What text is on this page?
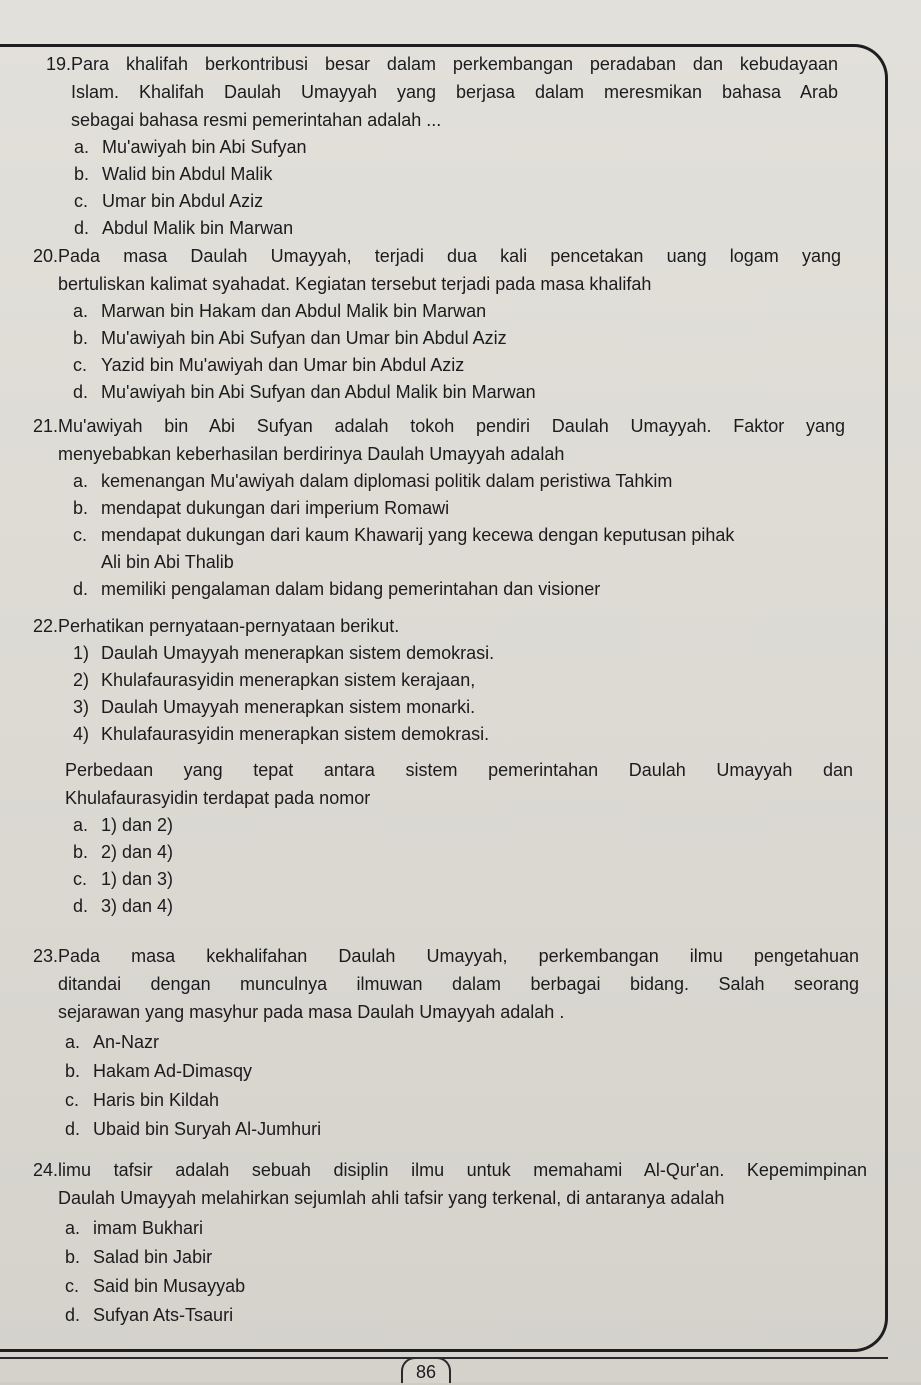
19. Para khalifah berkontribusi besar dalam perkembangan peradaban dan kebudayaan
Islam. Khalifah Daulah Umayyah yang berjasa dalam meresmikan bahasa Arab
sebagai bahasa resmi pemerintahan adalah ...
a. Mu'awiyah bin Abi Sufyan
b. Walid bin Abdul Malik
c. Umar bin Abdul Aziz
d. Abdul Malik bin Marwan
20. Pada masa Daulah Umayyah, terjadi dua kali pencetakan uang logam yang
bertuliskan kalimat syahadat. Kegiatan tersebut terjadi pada masa khalifah
a. Marwan bin Hakam dan Abdul Malik bin Marwan
b. Mu'awiyah bin Abi Sufyan dan Umar bin Abdul Aziz
c. Yazid bin Mu'awiyah dan Umar bin Abdul Aziz
d. Mu'awiyah bin Abi Sufyan dan Abdul Malik bin Marwan
21. Mu'awiyah bin Abi Sufyan adalah tokoh pendiri Daulah Umayyah. Faktor yang
menyebabkan keberhasilan berdirinya Daulah Umayyah adalah
a. kemenangan Mu'awiyah dalam diplomasi politik dalam peristiwa Tahkim
b. mendapat dukungan dari imperium Romawi
c. mendapat dukungan dari kaum Khawarij yang kecewa dengan keputusan pihak
Ali bin Abi Thalib
d. memiliki pengalaman dalam bidang pemerintahan dan visioner
22. Perhatikan pernyataan-pernyataan berikut.
1) Daulah Umayyah menerapkan sistem demokrasi.
2) Khulafaurasyidin menerapkan sistem kerajaan,
3) Daulah Umayyah menerapkan sistem monarki.
4) Khulafaurasyidin menerapkan sistem demokrasi.
Perbedaan yang tepat antara sistem pemerintahan Daulah Umayyah dan
Khulafaurasyidin terdapat pada nomor
a. 1) dan 2)
b. 2) dan 4)
c. 1) dan 3)
d. 3) dan 4)
23. Pada masa kekhalifahan Daulah Umayyah, perkembangan ilmu pengetahuan
ditandai dengan munculnya ilmuwan dalam berbagai bidang. Salah seorang
sejarawan yang masyhur pada masa Daulah Umayyah adalah .
a. An-Nazr
b. Hakam Ad-Dimasqy
c. Haris bin Kildah
d. Ubaid bin Suryah Al-Jumhuri
24. limu tafsir adalah sebuah disiplin ilmu untuk memahami Al-Qur'an. Kepemimpinan
Daulah Umayyah melahirkan sejumlah ahli tafsir yang terkenal, di antaranya adalah
a. imam Bukhari
b. Salad bin Jabir
c. Said bin Musayyab
d. Sufyan Ats-Tsauri
86
